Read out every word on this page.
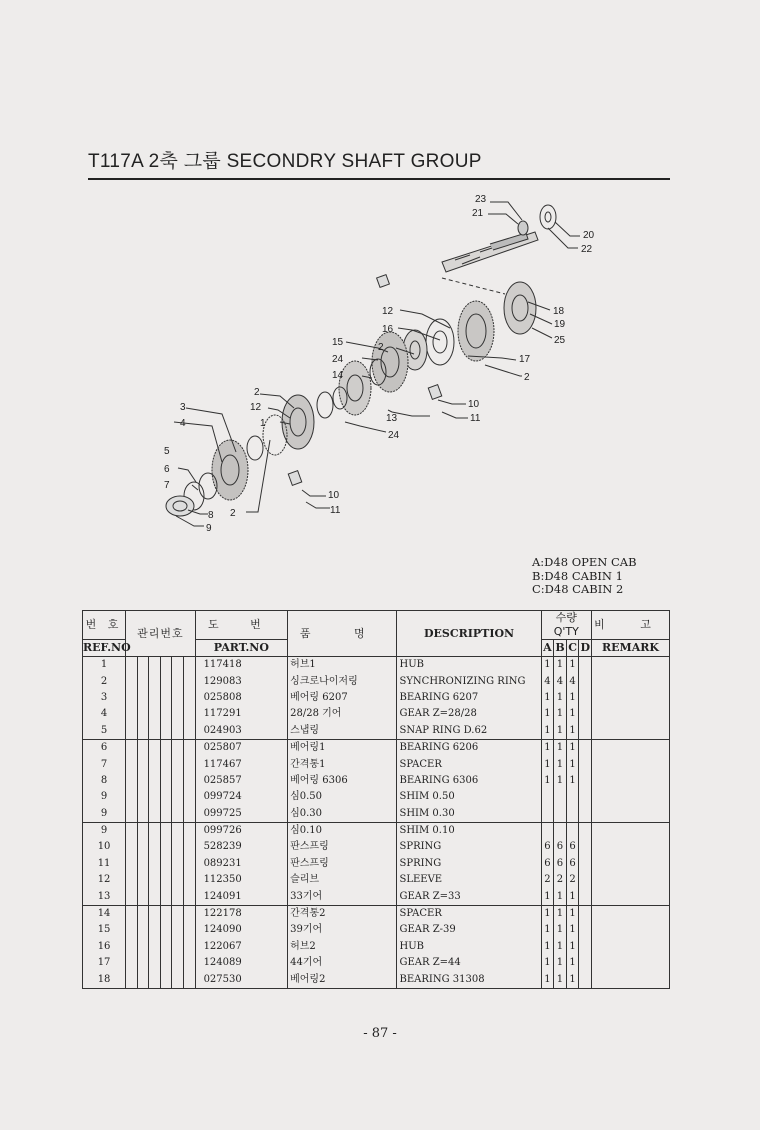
T117A 2축 그룹 SECONDRY SHAFT GROUP
23
21
20
22
18
19
25
17
2
12
16
15
24
14
2
10
11
2
3	12
4	1	13
24
5
6
7
10
11
8 2
9
A:D48 OPEN CAB
B:D48 CABIN 1
C:D48 CABIN 2
번 호	관리번호						도 번	품 명	DESCRIPTION	수량 Q'TY				비 고

REF.NO							PART.NO			A	B	C	D	REMARK
1							117418	허브1	HUB	1	1	1		
2							129083	싱크로나이저링	SYNCHRONIZING RING	4	4	4		
3							025808	베어링 6207	BEARING 6207	1	1	1		
4							117291	28/28 기어	GEAR Z=28/28	1	1	1		
5							024903	스냅링	SNAP RING D.62	1	1	1		
6							025807	베어링1	BEARING 6206	1	1	1		
7							117467	간격통1	SPACER	1	1	1		
8							025857	베어링 6306	BEARING 6306	1	1	1		
9							099724	심0.50	SHIM 0.50					
9							099725	심0.30	SHIM 0.30					
9							099726	심0.10	SHIM 0.10					
10							528239	판스프링	SPRING	6	6	6		
11							089231	판스프링	SPRING	6	6	6		
12							112350	슬리브	SLEEVE	2	2	2		
13							124091	33기어	GEAR Z=33	1	1	1		
14							122178	간격통2	SPACER	1	1	1		
15							124090	39기어	GEAR Z-39	1	1	1		
16							122067	허브2	HUB	1	1	1		
17							124089	44기어	GEAR Z=44	1	1	1		
18							027530	베어링2	BEARING 31308	1	1	1		
- 87 -
